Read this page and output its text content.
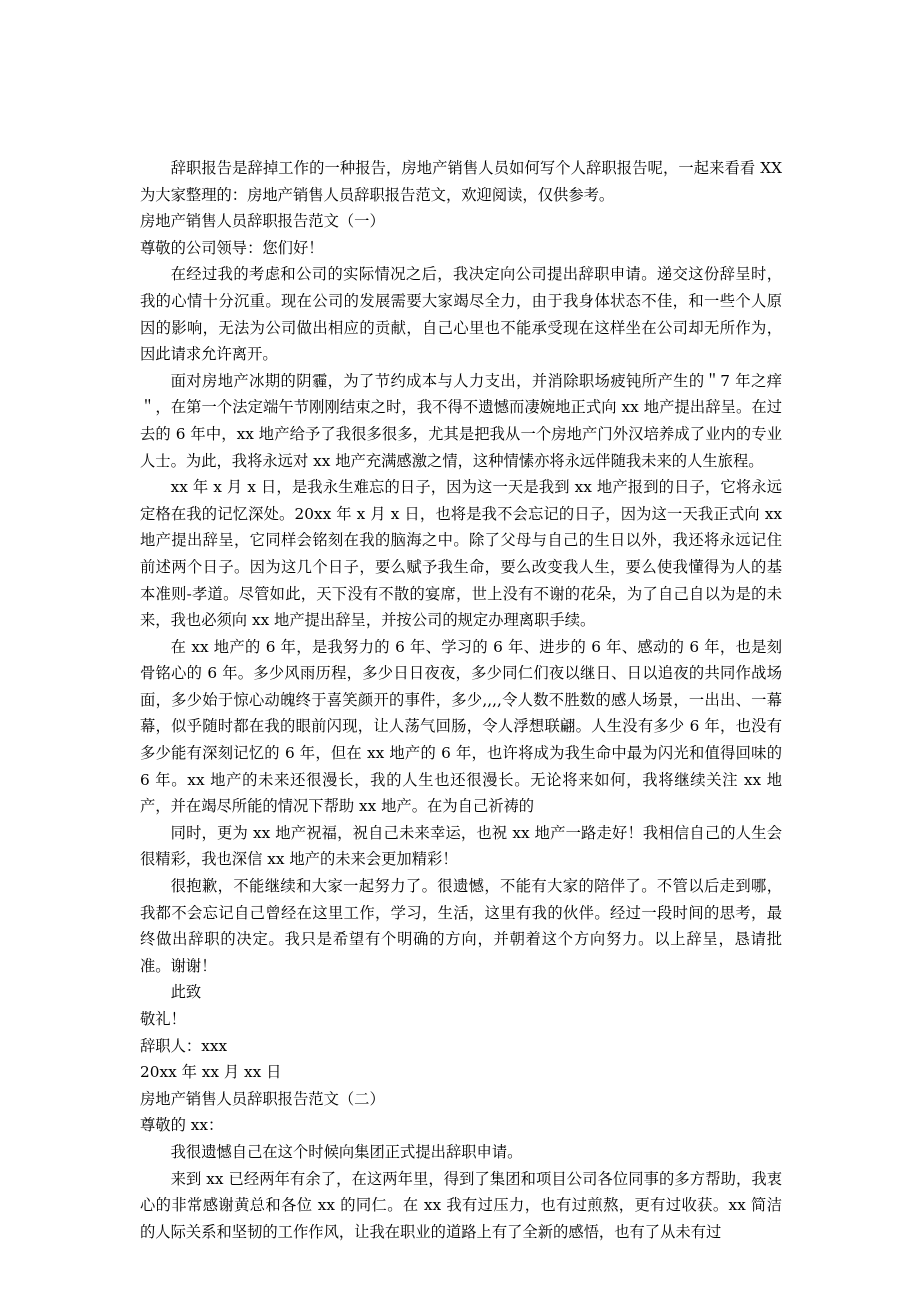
辞职报告是辞掉工作的一种报告，房地产销售人员如何写个人辞职报告呢，一起来看看 XX 为大家整理的：房地产销售人员辞职报告范文，欢迎阅读，仅供参考。

房地产销售人员辞职报告范文（一）

尊敬的公司领导：您们好！

在经过我的考虑和公司的实际情况之后，我决定向公司提出辞职申请。递交这份辞呈时，我的心情十分沉重。现在公司的发展需要大家竭尽全力，由于我身体状态不佳，和一些个人原因的影响，无法为公司做出相应的贡献，自己心里也不能承受现在这样坐在公司却无所作为，因此请求允许离开。

面对房地产冰期的阴霾，为了节约成本与人力支出，并消除职场疲钝所产生的＂7 年之痒＂，在第一个法定端午节刚刚结束之时，我不得不遗憾而凄婉地正式向 xx 地产提出辞呈。在过去的 6 年中，xx 地产给予了我很多很多，尤其是把我从一个房地产门外汉培养成了业内的专业人士。为此，我将永远对 xx 地产充满感激之情，这种情愫亦将永远伴随我未来的人生旅程。

xx 年 x 月 x 日，是我永生难忘的日子，因为这一天是我到 xx 地产报到的日子，它将永远定格在我的记忆深处。20xx 年 x 月 x 日，也将是我不会忘记的日子，因为这一天我正式向 xx 地产提出辞呈，它同样会铭刻在我的脑海之中。除了父母与自己的生日以外，我还将永远记住前述两个日子。因为这几个日子，要么赋予我生命，要么改变我人生，要么使我懂得为人的基本准则-孝道。尽管如此，天下没有不散的宴席，世上没有不谢的花朵，为了自己自以为是的未来，我也必须向 xx 地产提出辞呈，并按公司的规定办理离职手续。

在 xx 地产的 6 年，是我努力的 6 年、学习的 6 年、进步的 6 年、感动的 6 年，也是刻骨铭心的 6 年。多少风雨历程，多少日日夜夜，多少同仁们夜以继日、日以追夜的共同作战场面，多少始于惊心动魄终于喜笑颜开的事件，多少,,,,令人数不胜数的感人场景，一出出、一幕幕，似乎随时都在我的眼前闪现，让人荡气回肠，令人浮想联翩。人生没有多少 6 年，也没有多少能有深刻记忆的 6 年，但在 xx 地产的 6 年，也许将成为我生命中最为闪光和值得回味的 6 年。xx 地产的未来还很漫长，我的人生也还很漫长。无论将来如何，我将继续关注 xx 地产，并在竭尽所能的情况下帮助 xx 地产。在为自己祈祷的

同时，更为 xx 地产祝福，祝自己未来幸运，也祝 xx 地产一路走好！我相信自己的人生会很精彩，我也深信 xx 地产的未来会更加精彩！

很抱歉，不能继续和大家一起努力了。很遗憾，不能有大家的陪伴了。不管以后走到哪，我都不会忘记自己曾经在这里工作，学习，生活，这里有我的伙伴。经过一段时间的思考，最终做出辞职的决定。我只是希望有个明确的方向，并朝着这个方向努力。以上辞呈，恳请批准。谢谢！

此致

敬礼！

辞职人：xxx

20xx 年 xx 月 xx 日

房地产销售人员辞职报告范文（二）

尊敬的 xx：

我很遗憾自己在这个时候向集团正式提出辞职申请。

来到 xx 已经两年有余了，在这两年里，得到了集团和项目公司各位同事的多方帮助，我衷心的非常感谢黄总和各位 xx 的同仁。在 xx 我有过压力，也有过煎熬，更有过收获。xx 简洁的人际关系和坚韧的工作作风，让我在职业的道路上有了全新的感悟，也有了从未有过
